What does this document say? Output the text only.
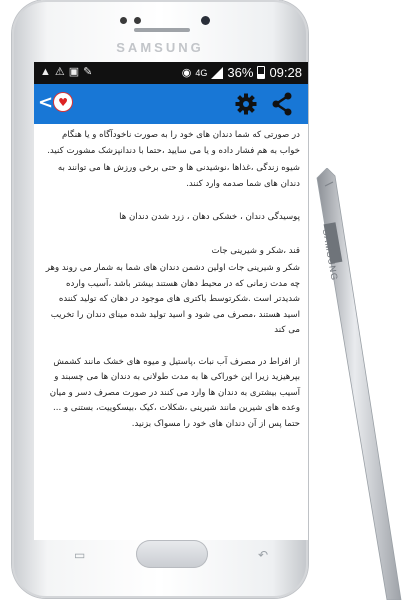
SAMSUNG
▲⚠▣✎	◉ 4G 36% 09:28
< ♥

در صورتی که شما دندان های خود را به صورت ناخودآگاه و یا هنگام خواب به هم فشار داده و یا می سایید ،حتما با دندانپزشک مشورت کنید.

شیوه زندگی ،غذاها ،نوشیدنی ها و حتی برخی ورزش ها می توانند به دندان های شما صدمه وارد کنند.

پوسیدگی دندان ، خشکی دهان ، زرد شدن دندان ها

قند ،شکر و شیرینی جات

شکر و شیرینی جات اولین دشمن دندان های شما به شمار می روند وهر چه مدت زمانی که در محیط دهان هستند بیشتر باشد ،آسیب وارده شدیدتر است .شکرتوسط باکتری های موجود در دهان که تولید کننده اسید هستند ،مصرف می شود و اسید تولید شده مینای دندان را تخریب می کند

از افراط در مصرف آب نبات ،پاستیل و میوه های خشک مانند کشمش بپرهیزید زیرا این خوراکی ها به مدت طولانی به دندان ها می چسبند و آسیب بیشتری به دندان ها وارد می کنند در صورت مصرف دسر و میان وعده های شیرین مانند شیرینی ،شکلات ،کیک ،بیسکوییت، بستنی و ... حتما پس از آن دندان های خود را مسواک بزنید.

▭	↶
SAMSUNG
